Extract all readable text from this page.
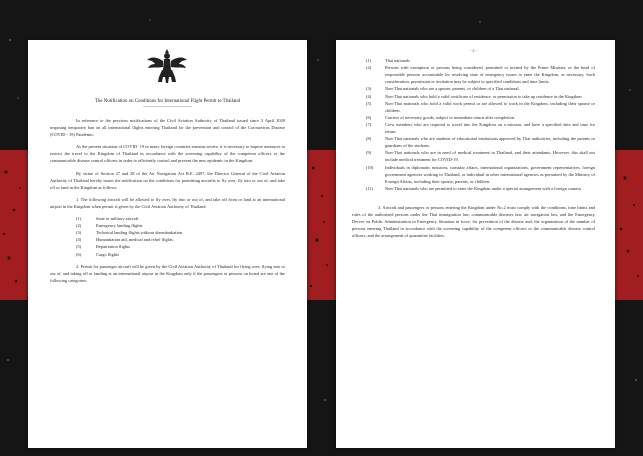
The Notification on Conditions for International Flight Permit to Thailand

-------------------------------------------

In reference to the previous notifications of the Civil Aviation Authority of Thailand issued since 3 April 2020 imposing temporary ban on all international flights entering Thailand for the prevention and control of the Coronavirus Disease (COVID - 19) Pandemic,

As the present situation of COVID- 19 in many foreign countries remains severe, it is necessary to impose measures to restrict the travel to the Kingdom of Thailand in accordance with the screening capability of the competent officers or the communicable disease control officers in order to efficiently control and prevent the new epidemic in the Kingdom.

By virtue of Section 27 and 28 of the Air Navigation Act B.E. 2497, the Director General of the Civil Aviation Authority of Thailand hereby issues the notification on the conditions for permitting aircrafts to fly over, fly into or out of, and take off or land in the Kingdom as follows:

1. The following aircraft will be allowed to fly over, fly into or out of, and take off from or land at an international airport in the Kingdom when permit is given by the Civil Aviation Authority of Thailand:

(1)	State or military aircraft
(2)	Emergency landing flights
(3)	Technical landing flights without disembarkation
(4)	Humanitarian aid, medical and relief flights
(5)	Repatriation flights
(6)	Cargo flights

2. Permit for passenger aircraft will be given by the Civil Aviation Authority of Thailand for flying over, flying into or out of, and taking off or landing at an international airport in the Kingdom only if the passengers or persons on board are one of the following categories:

- 2 -

(1)	Thai nationals
(2)	Persons with exemption or persons being considered, permitted or invited by the Prime Minister, or the head of responsible persons accountable for resolving state of emergency issues to enter the Kingdom, as necessary. Such consideration, permission or invitation may be subject to specified conditions and time limits.
(3)	Non-Thai nationals who are a spouse, parents, or children of a Thai national.
(4)	Non-Thai nationals who hold a valid certificate of residence, or permission to take up residence in the Kingdom.
(5)	Non-Thai nationals who hold a valid work permit or are allowed to work in the Kingdom, including their spouse or children.
(6)	Carriers of necessary goods, subject to immediate return after completion.
(7)	Crew members who are required to travel into the Kingdom on a mission, and have a specified date and time for return.
(8)	Non-Thai nationals who are students of educational institutions approved by Thai authorities, including the parents or guardians of the students.
(9)	Non-Thai nationals who are in need of medical treatment in Thailand, and their attendants. However, this shall not include medical treatment for COVID-19.
(10)	Individuals in diplomatic missions, consular affairs, international organizations, government representatives, foreign government agencies working in Thailand, or individual in other international agencies as permitted by the Ministry of Foreign Affairs, including their spouse, parents, or children.
(11)	Non-Thai nationals who are permitted to enter the Kingdom under a special arrangement with a foreign country.

3. Aircraft and passengers or persons entering the Kingdom under No.2 must comply with the conditions, time limits and rules of the authorized persons under the Thai immigration law, communicable diseases law, air navigation law, and the Emergency Decree on Public Administration in Emergency Situation in force, for prevention of the disease and, the organization of the number of persons entering Thailand in accordance with the screening capability of the competent officers or the communicable disease control officers, and the arrangement of quarantine facilities.
